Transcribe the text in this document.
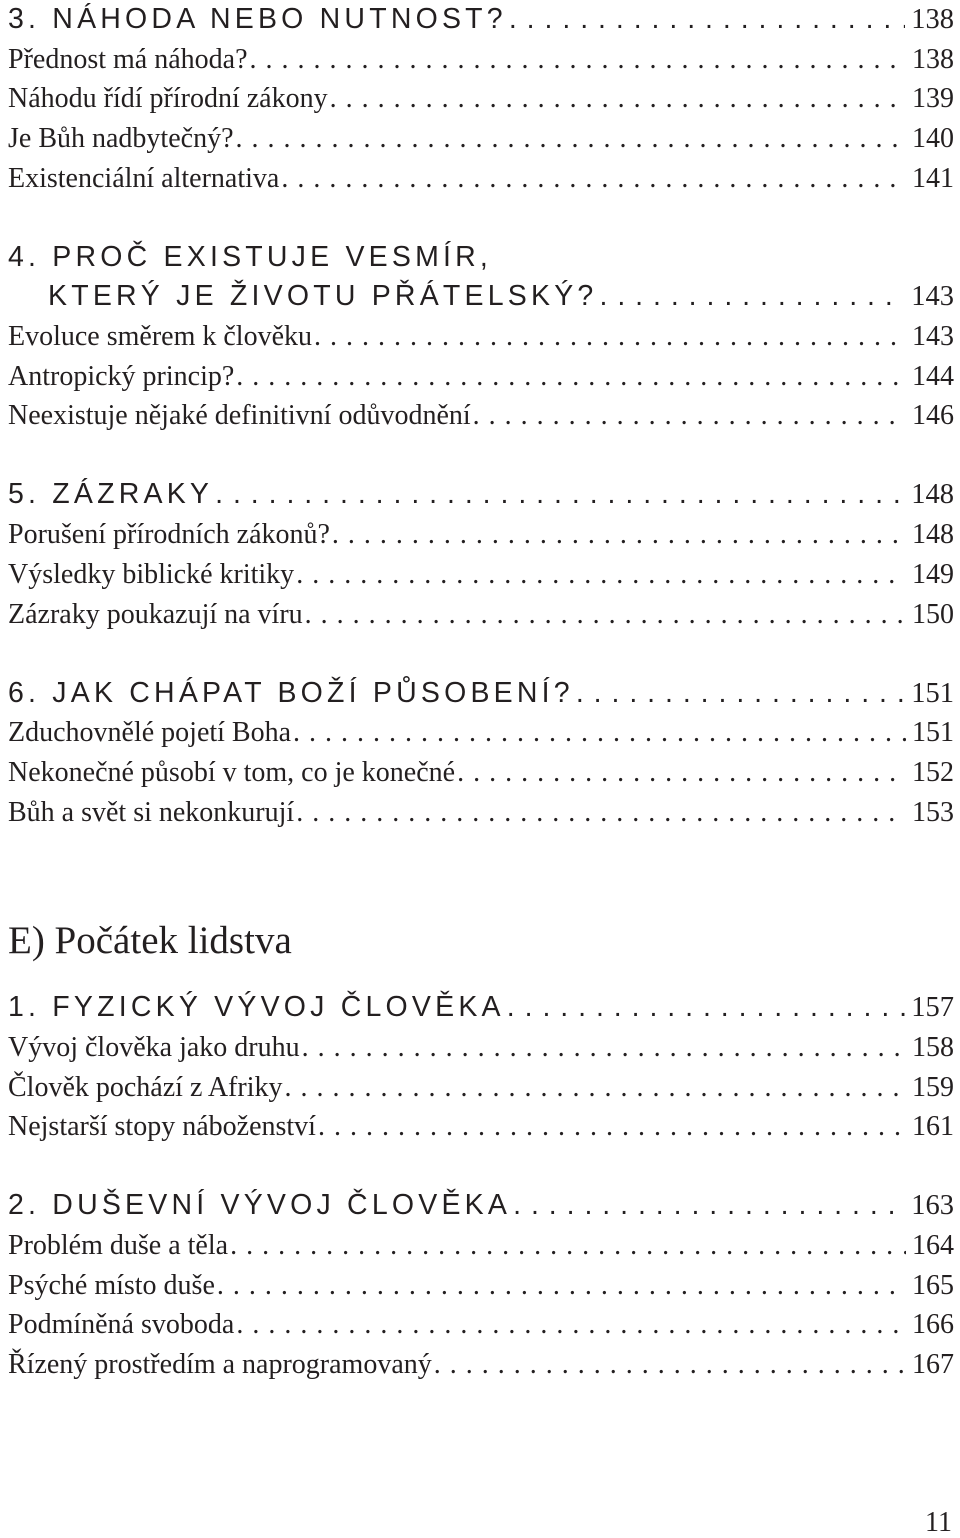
3. NÁHODA NEBO NUTNOST? . . .	138
Přednost má náhoda? . . .	138
Náhodu řídí přírodní zákony . . .	139
Je Bůh nadbytečný? . . .	140
Existenciální alternativa . . .	141
4. PROČ EXISTUJE VESMÍR,
KTERÝ JE ŽIVOTU PŘÁTELSKÝ? . . .	143
Evoluce směrem k člověku . . .	143
Antropický princip? . . .	144
Neexistuje nějaké definitivní odůvodnění . . .	146
5. ZÁZRAKY . . .	148
Porušení přírodních zákonů? . . .	148
Výsledky biblické kritiky . . .	149
Zázraky poukazují na víru . . .	150
6. JAK CHÁPAT BOŽÍ PŮSOBENÍ? . . .	151
Zduchovnělé pojetí Boha . . .	151
Nekonečné působí v tom, co je konečné . . .	152
Bůh a svět si nekonkurují . . .	153
E) Počátek lidstva
1. FYZICKÝ VÝVOJ ČLOVĚKA . . .	157
Vývoj člověka jako druhu . . .	158
Člověk pochází z Afriky . . .	159
Nejstarší stopy náboženství . . .	161
2. DUŠEVNÍ VÝVOJ ČLOVĚKA . . .	163
Problém duše a těla . . .	164
Psýché místo duše . . .	165
Podmíněná svoboda . . .	166
Řízený prostředím a naprogramovaný . . .	167
11
